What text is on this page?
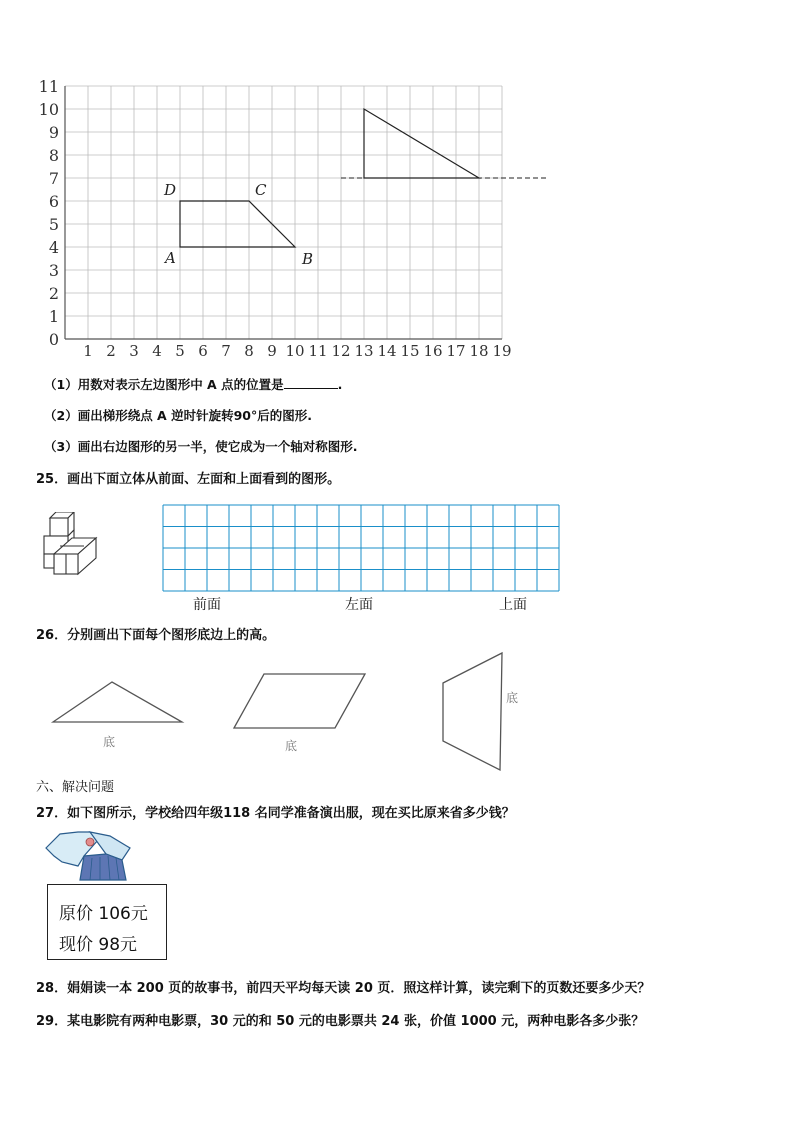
0
1
2
3
4
5
6
7
8
9
10
11
1 2 3 4 5 6 7 8 9 10 11 12 13 14 15 16 17 18 19
A	B
C
D
（1）用数对表示左边图形中 A 点的位置是	.
（2）画出梯形绕点 A 逆时针旋转90°后的图形.
（3）画出右边图形的另一半，使它成为一个轴对称图形.
25．画出下面立体从前面、左面和上面看到的图形。
前面	左面	上面
26．分别画出下面每个图形底边上的高。
底	底
底
六、解决问题
27．如下图所示，学校给四年级118 名同学准备演出服，现在买比原来省多少钱？
原价 106元
现价 98元
28．娟娟读一本 200 页的故事书，前四天平均每天读 20 页．照这样计算，读完剩下的页数还要多少天？
29．某电影院有两种电影票，30 元的和 50 元的电影票共 24 张，价值 1000 元，两种电影各多少张？
